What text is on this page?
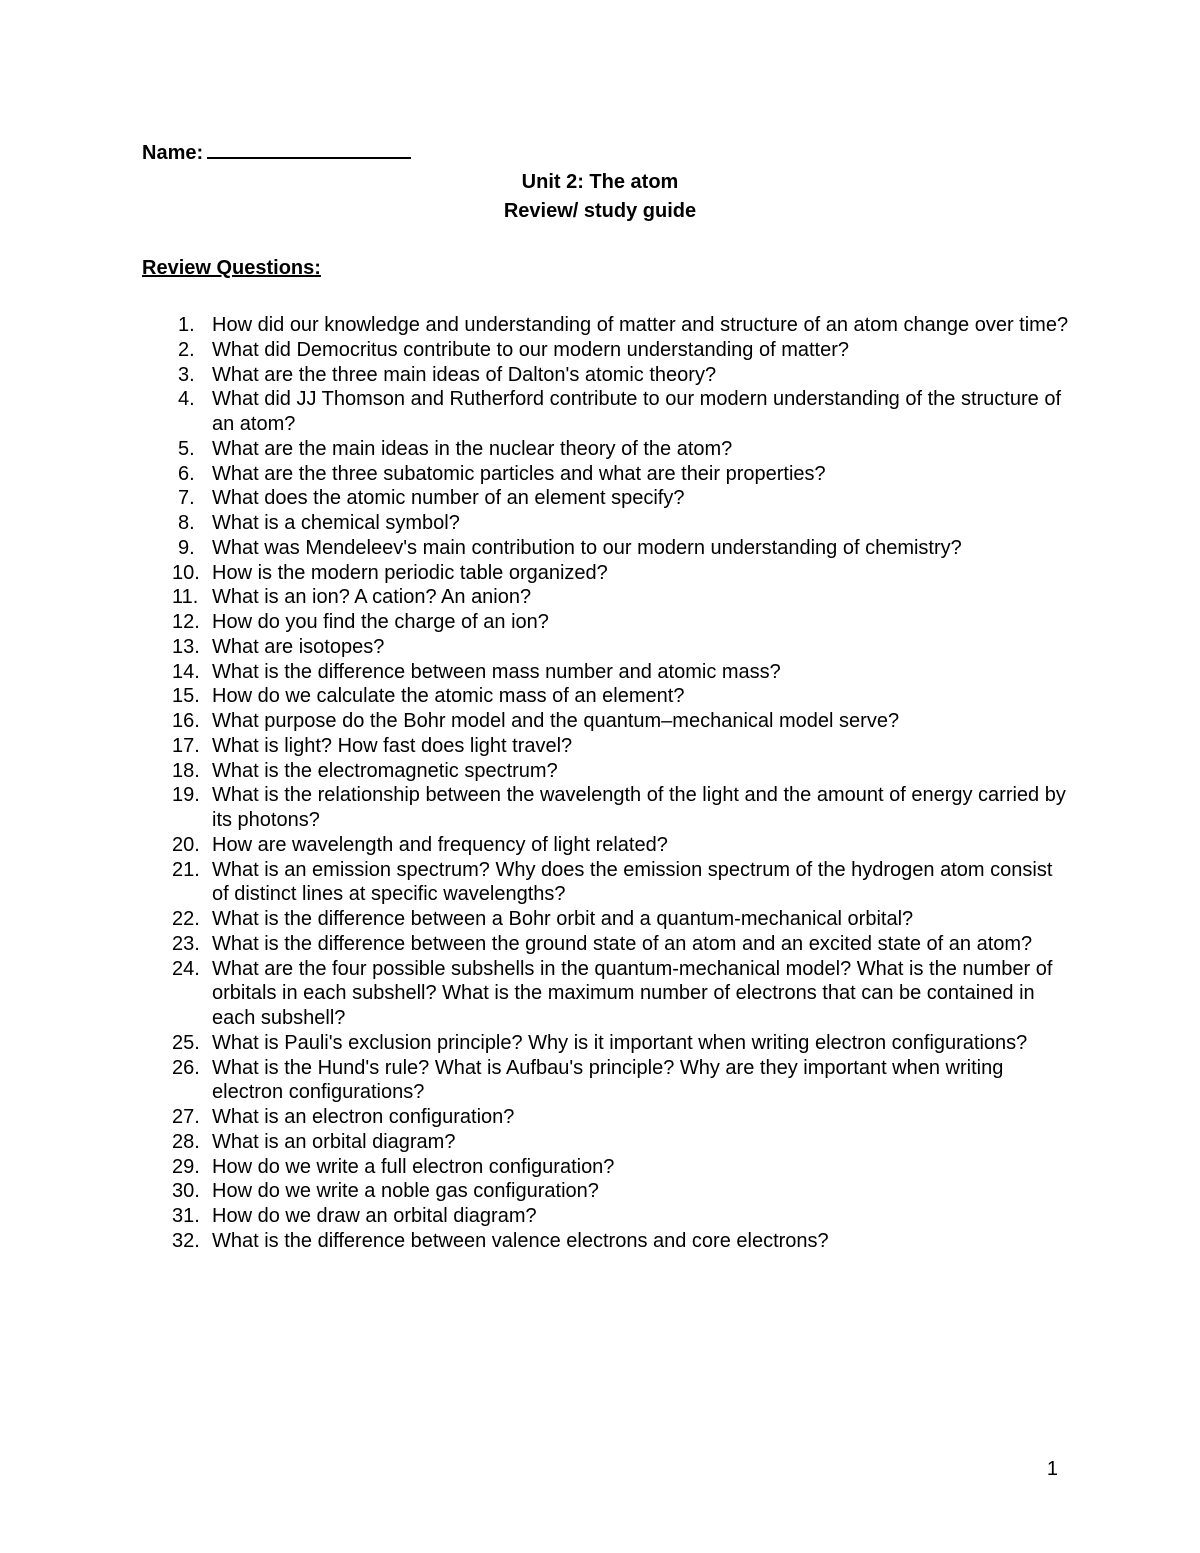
Name:
Unit 2: The atom
Review/ study guide
Review Questions:
1. How did our knowledge and understanding of matter and structure of an atom change over time?
2. What did Democritus contribute to our modern understanding of matter?
3. What are the three main ideas of Dalton's atomic theory?
4. What did JJ Thomson and Rutherford contribute to our modern understanding of the structure of an atom?
5. What are the main ideas in the nuclear theory of the atom?
6. What are the three subatomic particles and what are their properties?
7. What does the atomic number of an element specify?
8. What is a chemical symbol?
9. What was Mendeleev's main contribution to our modern understanding of chemistry?
10. How is the modern periodic table organized?
11. What is an ion? A cation? An anion?
12. How do you find the charge of an ion?
13. What are isotopes?
14. What is the difference between mass number and atomic mass?
15. How do we calculate the atomic mass of an element?
16. What purpose do the Bohr model and the quantum–mechanical model serve?
17. What is light? How fast does light travel?
18. What is the electromagnetic spectrum?
19. What is the relationship between the wavelength of the light and the amount of energy carried by its photons?
20. How are wavelength and frequency of light related?
21. What is an emission spectrum? Why does the emission spectrum of the hydrogen atom consist of distinct lines at specific wavelengths?
22. What is the difference between a Bohr orbit and a quantum-mechanical orbital?
23. What is the difference between the ground state of an atom and an excited state of an atom?
24. What are the four possible subshells in the quantum-mechanical model? What is the number of orbitals in each subshell? What is the maximum number of electrons that can be contained in each subshell?
25. What is Pauli's exclusion principle? Why is it important when writing electron configurations?
26. What is the Hund's rule? What is Aufbau's principle? Why are they important when writing electron configurations?
27. What is an electron configuration?
28. What is an orbital diagram?
29. How do we write a full electron configuration?
30. How do we write a noble gas configuration?
31. How do we draw an orbital diagram?
32. What is the difference between valence electrons and core electrons?
1
